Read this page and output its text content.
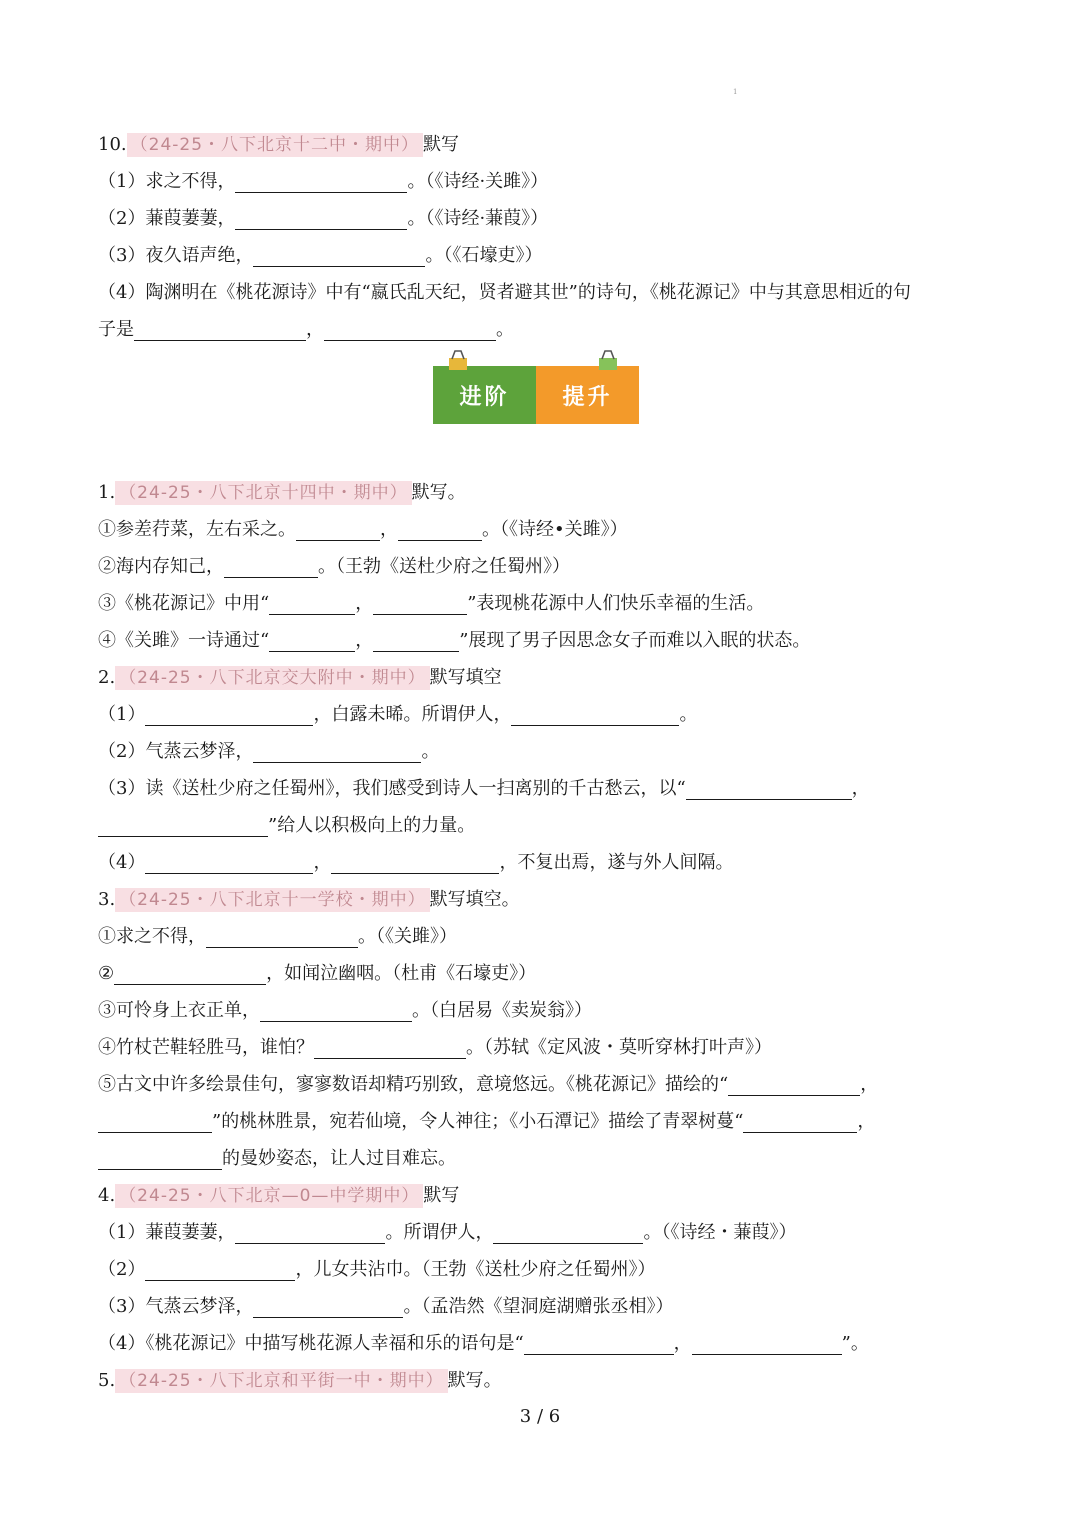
1
10. （24-25・八下北京十二中・期中） 默写
（1）求之不得，	。（《诗经·关雎》）
（2）蒹葭萋萋，	。（《诗经·蒹葭》）
（3）夜久语声绝，	。（《石壕吏》）
（4）陶渊明在《桃花源诗》中有“嬴氏乱天纪，贤者避其世”的诗句，《桃花源记》中与其意思相近的句
子是	，	。
进阶	提升
1. （24-25・八下北京十四中・期中） 默写。
①参差荇菜，左右采之。	，	。（《诗经•关雎》）
②海内存知己，	。（王勃《送杜少府之任蜀州》）
③《桃花源记》中用“	，	”表现桃花源中人们快乐幸福的生活。
④《关雎》一诗通过“	，	”展现了男子因思念女子而难以入眠的状态。
2. （24-25・八下北京交大附中・期中） 默写填空
（1）	，白露未晞。所谓伊人，	。
（2）气蒸云梦泽，	。
（3）读《送杜少府之任蜀州》，我们感受到诗人一扫离别的千古愁云，以“	，
”给人以积极向上的力量。
（4）	，	，不复出焉，遂与外人间隔。
3. （24-25・八下北京十一学校・期中） 默写填空。
①求之不得，	。（《关雎》）
②	，如闻泣幽咽。（杜甫《石壕吏》）
③可怜身上衣正单，	。（白居易《卖炭翁》）
④竹杖芒鞋轻胜马，谁怕？	。（苏轼《定风波・莫听穿林打叶声》）
⑤古文中许多绘景佳句，寥寥数语却精巧别致，意境悠远。《桃花源记》描绘的“	，
”的桃林胜景，宛若仙境，令人神往；《小石潭记》描绘了青翠树蔓“	，
的曼妙姿态，让人过目难忘。
4. （24-25・八下北京—0—中学期中） 默写
（1）蒹葭萋萋，	。所谓伊人，	。（《诗经・蒹葭》）
（2）	，儿女共沾巾。（王勃《送杜少府之任蜀州》）
（3）气蒸云梦泽，	。（孟浩然《望洞庭湖赠张丞相》）
（4）《桃花源记》中描写桃花源人幸福和乐的语句是“	，	”。
5. （24-25・八下北京和平街一中・期中） 默写。
3 / 6
